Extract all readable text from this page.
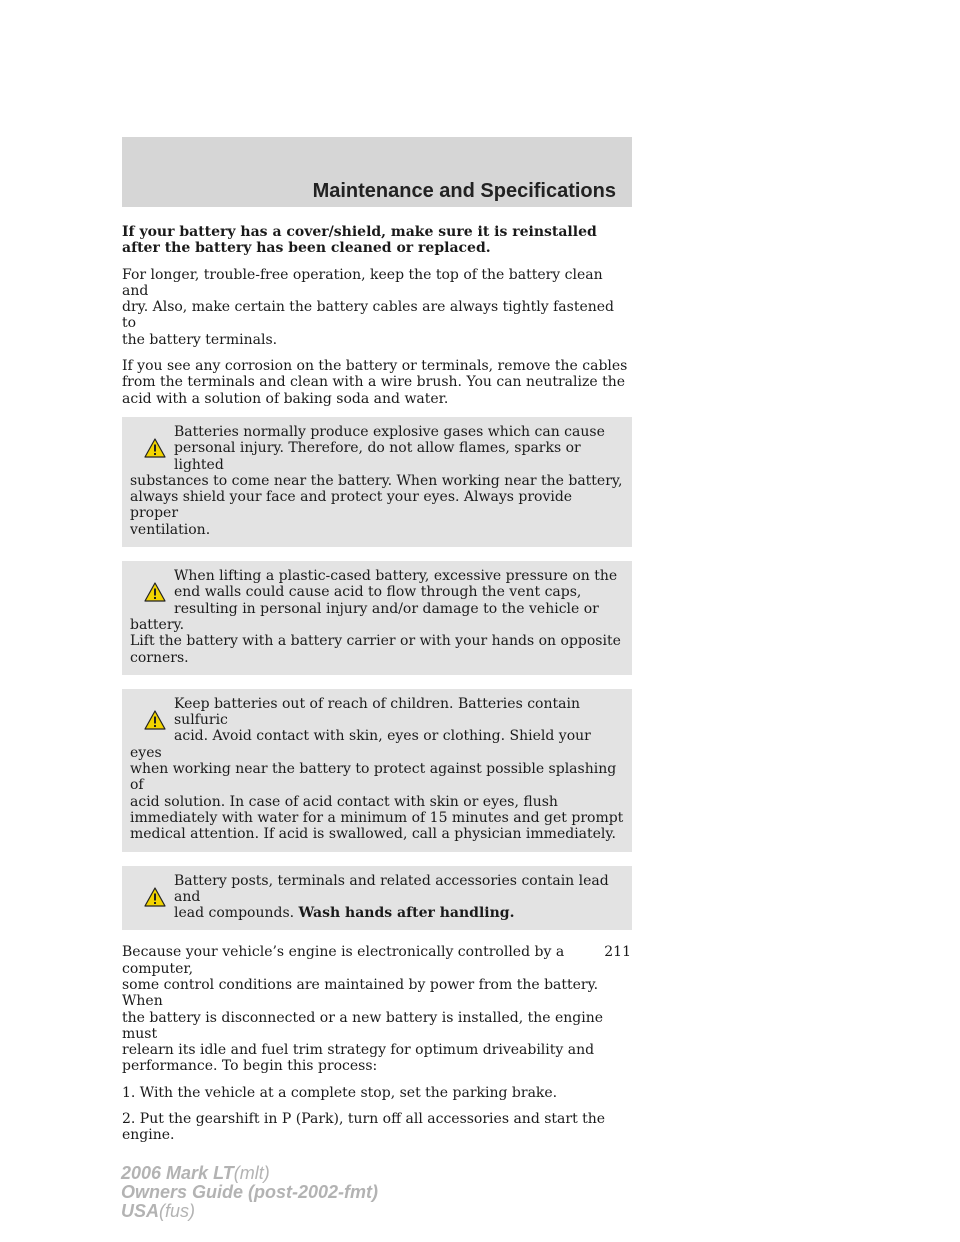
Maintenance and Specifications

If your battery has a cover/shield, make sure it is reinstalled
after the battery has been cleaned or replaced.

For longer, trouble-free operation, keep the top of the battery clean and
dry. Also, make certain the battery cables are always tightly fastened to
the battery terminals.

If you see any corrosion on the battery or terminals, remove the cables
from the terminals and clean with a wire brush. You can neutralize the
acid with a solution of baking soda and water.

Batteries normally produce explosive gases which can cause
personal injury. Therefore, do not allow flames, sparks or lighted
substances to come near the battery. When working near the battery,
always shield your face and protect your eyes. Always provide proper
ventilation.
When lifting a plastic-cased battery, excessive pressure on the
end walls could cause acid to flow through the vent caps,
resulting in personal injury and/or damage to the vehicle or battery.
Lift the battery with a battery carrier or with your hands on opposite
corners.
Keep batteries out of reach of children. Batteries contain sulfuric
acid. Avoid contact with skin, eyes or clothing. Shield your eyes
when working near the battery to protect against possible splashing of
acid solution. In case of acid contact with skin or eyes, flush
immediately with water for a minimum of 15 minutes and get prompt
medical attention. If acid is swallowed, call a physician immediately.
Battery posts, terminals and related accessories contain lead and
lead compounds. Wash hands after handling.

Because your vehicle’s engine is electronically controlled by a computer,
some control conditions are maintained by power from the battery. When
the battery is disconnected or a new battery is installed, the engine must
relearn its idle and fuel trim strategy for optimum driveability and
performance. To begin this process:

1. With the vehicle at a complete stop, set the parking brake.

2. Put the gearshift in P (Park), turn off all accessories and start the
engine.

211
2006 Mark LT(mlt)
Owners Guide (post-2002-fmt)
USA(fus)
